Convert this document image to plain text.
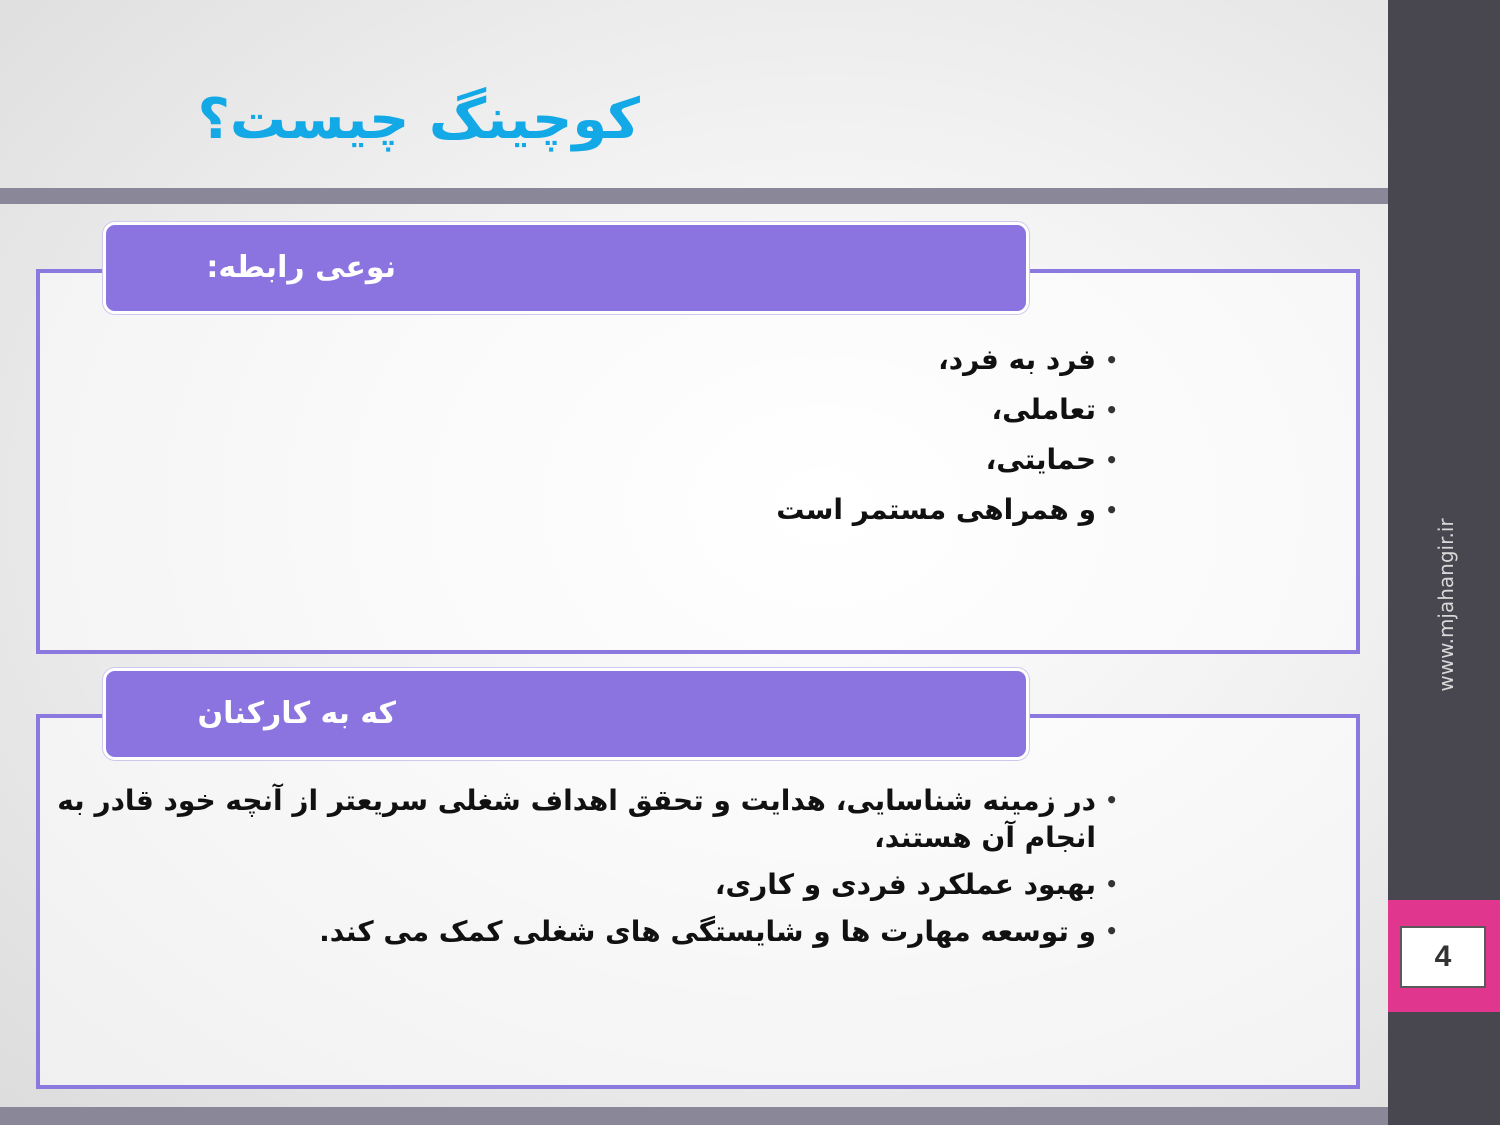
کوچینگ چیست؟
نوعی رابطه:
• فرد به فرد،
• تعاملی،
• حمایتی،
• و همراهی مستمر است
که به کارکنان
• در زمینه شناسایی، هدایت و تحقق اهداف شغلی سریعتر از آنچه خود قادر به انجام آن هستند،
• بهبود عملکرد فردی و کاری،
• و توسعه مهارت ها و شایستگی های شغلی کمک می کند.
www.mjahangir.ir
4
